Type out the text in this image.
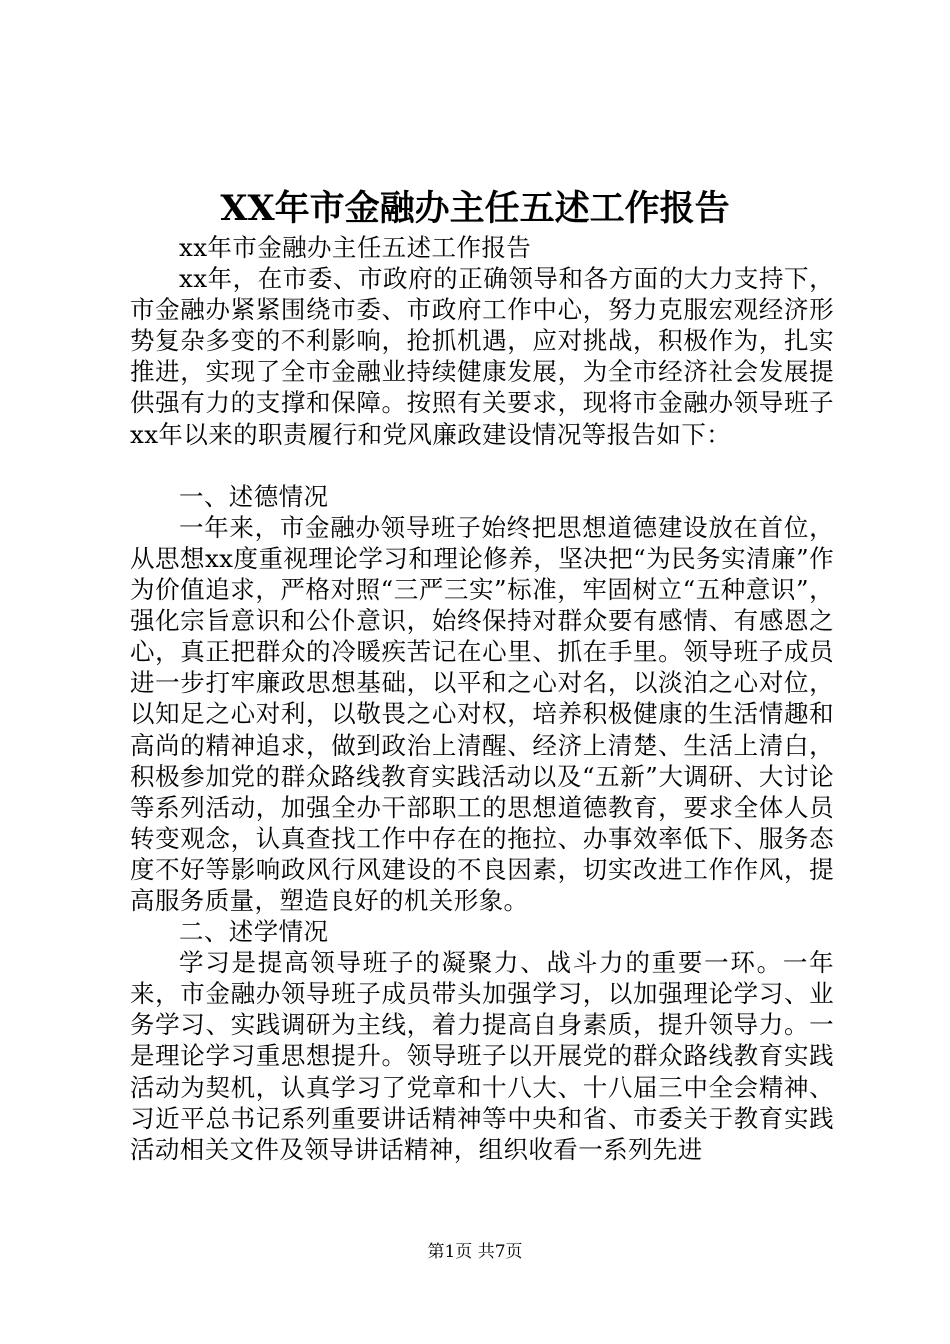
XX年市金融办主任五述工作报告

xx年市金融办主任五述工作报告

xx年，在市委、市政府的正确领导和各方面的大力支持下，市金融办紧紧围绕市委、市政府工作中心，努力克服宏观经济形势复杂多变的不利影响，抢抓机遇，应对挑战，积极作为，扎实推进，实现了全市金融业持续健康发展，为全市经济社会发展提供强有力的支撑和保障。按照有关要求，现将市金融办领导班子xx年以来的职责履行和党风廉政建设情况等报告如下：

一、述德情况

一年来，市金融办领导班子始终把思想道德建设放在首位，从思想xx度重视理论学习和理论修养，坚决把“为民务实清廉”作为价值追求，严格对照“三严三实”标准，牢固树立“五种意识”，强化宗旨意识和公仆意识，始终保持对群众要有感情、有感恩之心，真正把群众的冷暖疾苦记在心里、抓在手里。领导班子成员进一步打牢廉政思想基础，以平和之心对名，以淡泊之心对位，以知足之心对利，以敬畏之心对权，培养积极健康的生活情趣和高尚的精神追求，做到政治上清醒、经济上清楚、生活上清白，积极参加党的群众路线教育实践活动以及“五新”大调研、大讨论等系列活动，加强全办干部职工的思想道德教育，要求全体人员转变观念，认真查找工作中存在的拖拉、办事效率低下、服务态度不好等影响政风行风建设的不良因素，切实改进工作作风，提高服务质量，塑造良好的机关形象。

二、述学情况

学习是提高领导班子的凝聚力、战斗力的重要一环。一年来，市金融办领导班子成员带头加强学习，以加强理论学习、业务学习、实践调研为主线，着力提高自身素质，提升领导力。一是理论学习重思想提升。领导班子以开展党的群众路线教育实践活动为契机，认真学习了党章和十八大、十八届三中全会精神、习近平总书记系列重要讲话精神等中央和省、市委关于教育实践活动相关文件及领导讲话精神，组织收看一系列先进

第1页 共7页
